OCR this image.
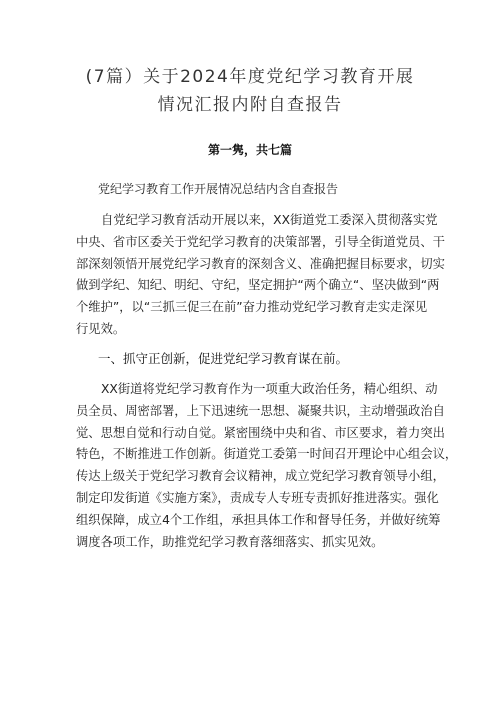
(7篇）关于2024年度党纪学习教育开展
情况汇报内附自查报告
第一隽，共七篇
党纪学习教育工作开展情况总结内含自查报告
自党纪学习教育活动开展以来，XX街道党工委深入贯彻落实党
中央、省市区委关于党纪学习教育的决策部署，引导全街道党员、干
部深刻领悟开展党纪学习教育的深刻含义、准确把握目标要求，切实
做到学纪、知纪、明纪、守纪，坚定拥护“两个确立“、坚决做到“两
个维护”，以“三抓三促三在前”奋力推动党纪学习教育走实走深见
行见效。
一、抓守正创新，促进党纪学习教育谋在前。
XX街道将党纪学习教育作为一项重大政治任务，精心组织、动
员全员、周密部署，上下迅速统一思想、凝聚共识，主动增强政治自
觉、思想自觉和行动自觉。紧密围绕中央和省、市区要求，着力突出
特色，不断推进工作创新。街道党工委第一时间召开理论中心组会议，
传达上级关于党纪学习教育会议精神，成立党纪学习教育领导小组，
制定印发街道《实施方案》，责成专人专班专责抓好推进落实。强化
组织保障，成立4个工作组，承担具体工作和督导任务，并做好统筹
调度各项工作，助推党纪学习教育落细落实、抓实见效。
